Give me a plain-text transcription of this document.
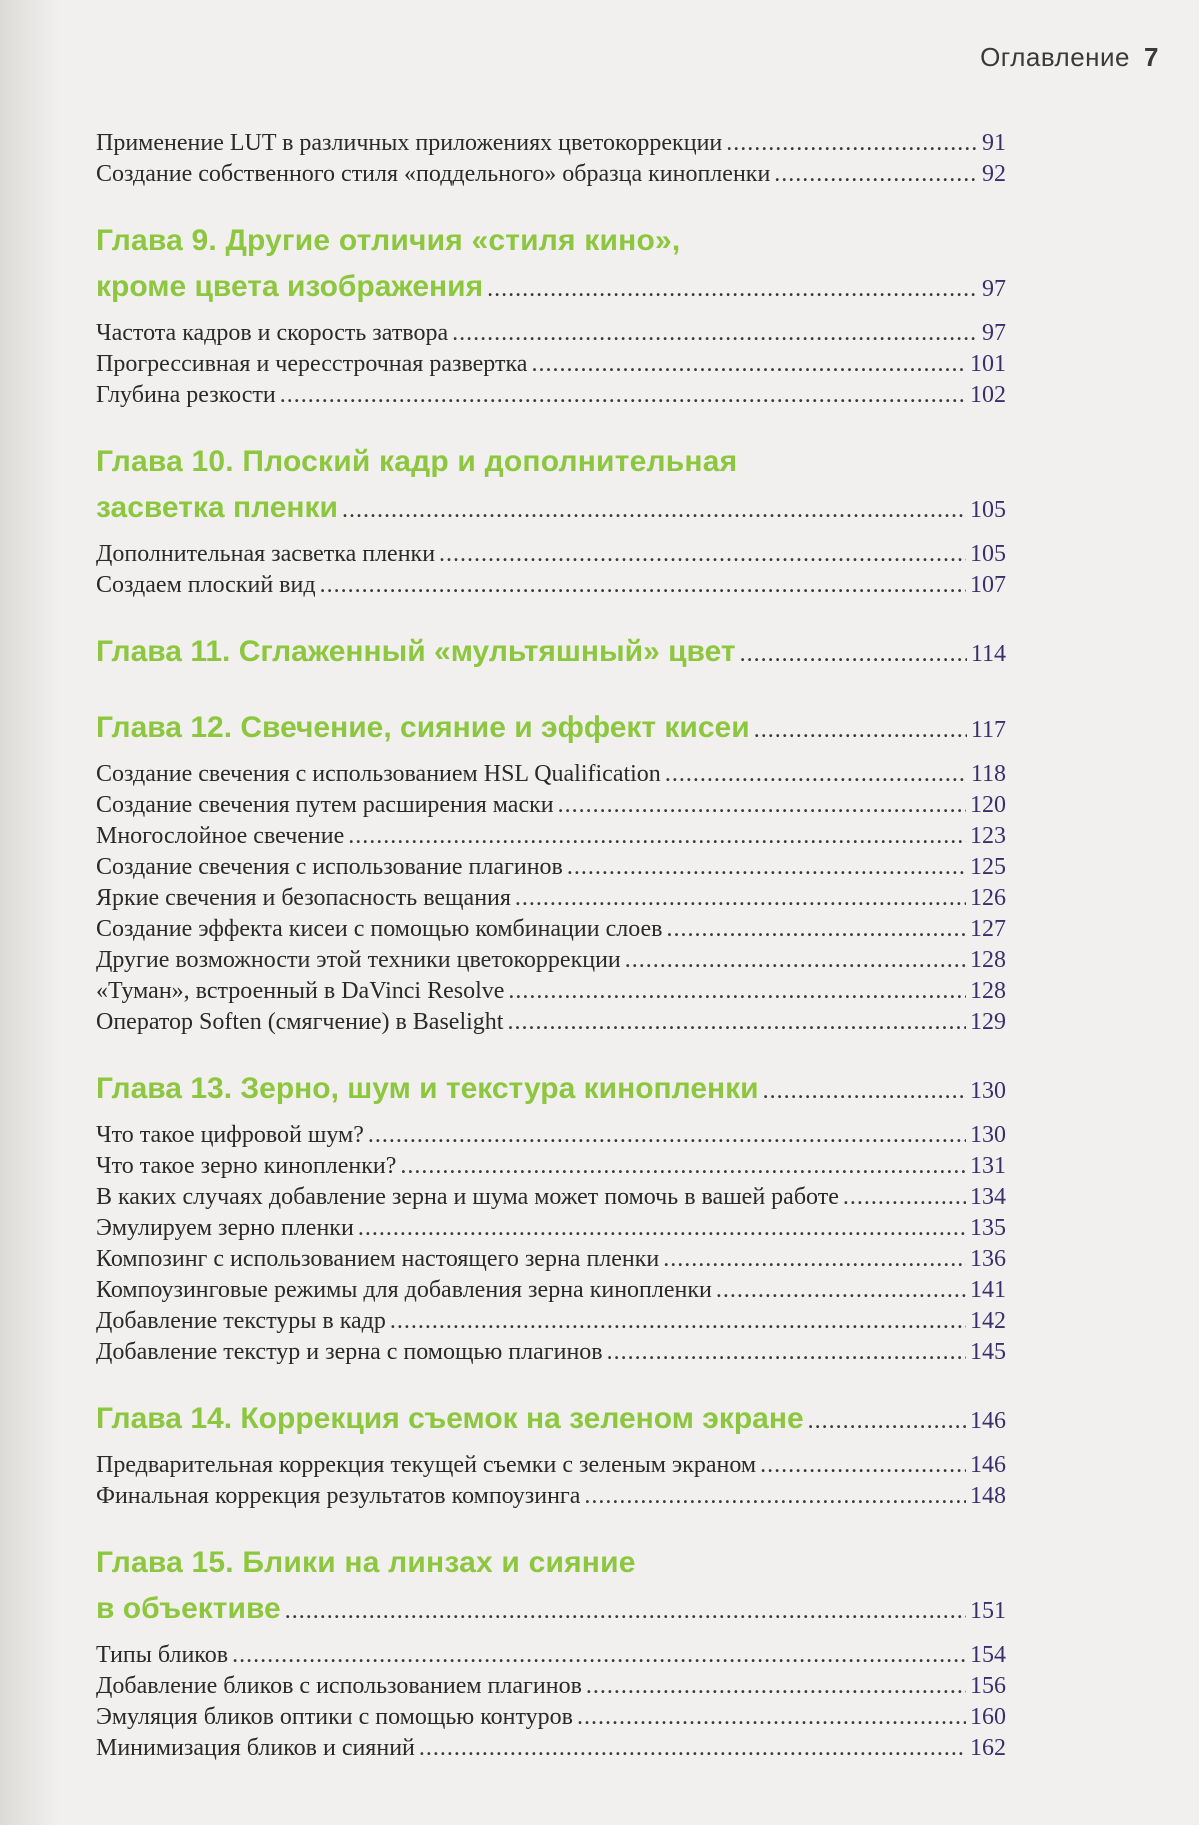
Оглавление 7
Применение LUT в различных приложениях цветокоррекции .....	91
Создание собственного стиля «поддельного» образца кинопленки .....	92
Глава 9. Другие отличия «стиля кино»,
кроме цвета изображения .....	97
Частота кадров и скорость затвора .....	97
Прогрессивная и чересстрочная развертка .....	101
Глубина резкости .....	102
Глава 10. Плоский кадр и дополнительная
засветка пленки .....	105
Дополнительная засветка пленки .....	105
Создаем плоский вид .....	107
Глава 11. Сглаженный «мультяшный» цвет .....	114
Глава 12. Свечение, сияние и эффект кисеи .....	117
Создание свечения с использованием HSL Qualification .....	118
Создание свечения путем расширения маски .....	120
Многослойное свечение .....	123
Создание свечения с использование плагинов .....	125
Яркие свечения и безопасность вещания .....	126
Создание эффекта кисеи с помощью комбинации слоев .....	127
Другие возможности этой техники цветокоррекции .....	128
«Туман», встроенный в DaVinci Resolve .....	128
Оператор Soften (смягчение) в Baselight .....	129
Глава 13. Зерно, шум и текстура кинопленки .....	130
Что такое цифровой шум? .....	130
Что такое зерно кинопленки? .....	131
В каких случаях добавление зерна и шума может помочь в вашей работе .....	134
Эмулируем зерно пленки .....	135
Композинг с использованием настоящего зерна пленки .....	136
Компоузинговые режимы для добавления зерна кинопленки .....	141
Добавление текстуры в кадр .....	142
Добавление текстур и зерна с помощью плагинов .....	145
Глава 14. Коррекция съемок на зеленом экране .....	146
Предварительная коррекция текущей съемки с зеленым экраном .....	146
Финальная коррекция результатов компоузинга .....	148
Глава 15. Блики на линзах и сияние
в объективе .....	151
Типы бликов .....	154
Добавление бликов с использованием плагинов .....	156
Эмуляция бликов оптики с помощью контуров .....	160
Минимизация бликов и сияний .....	162
